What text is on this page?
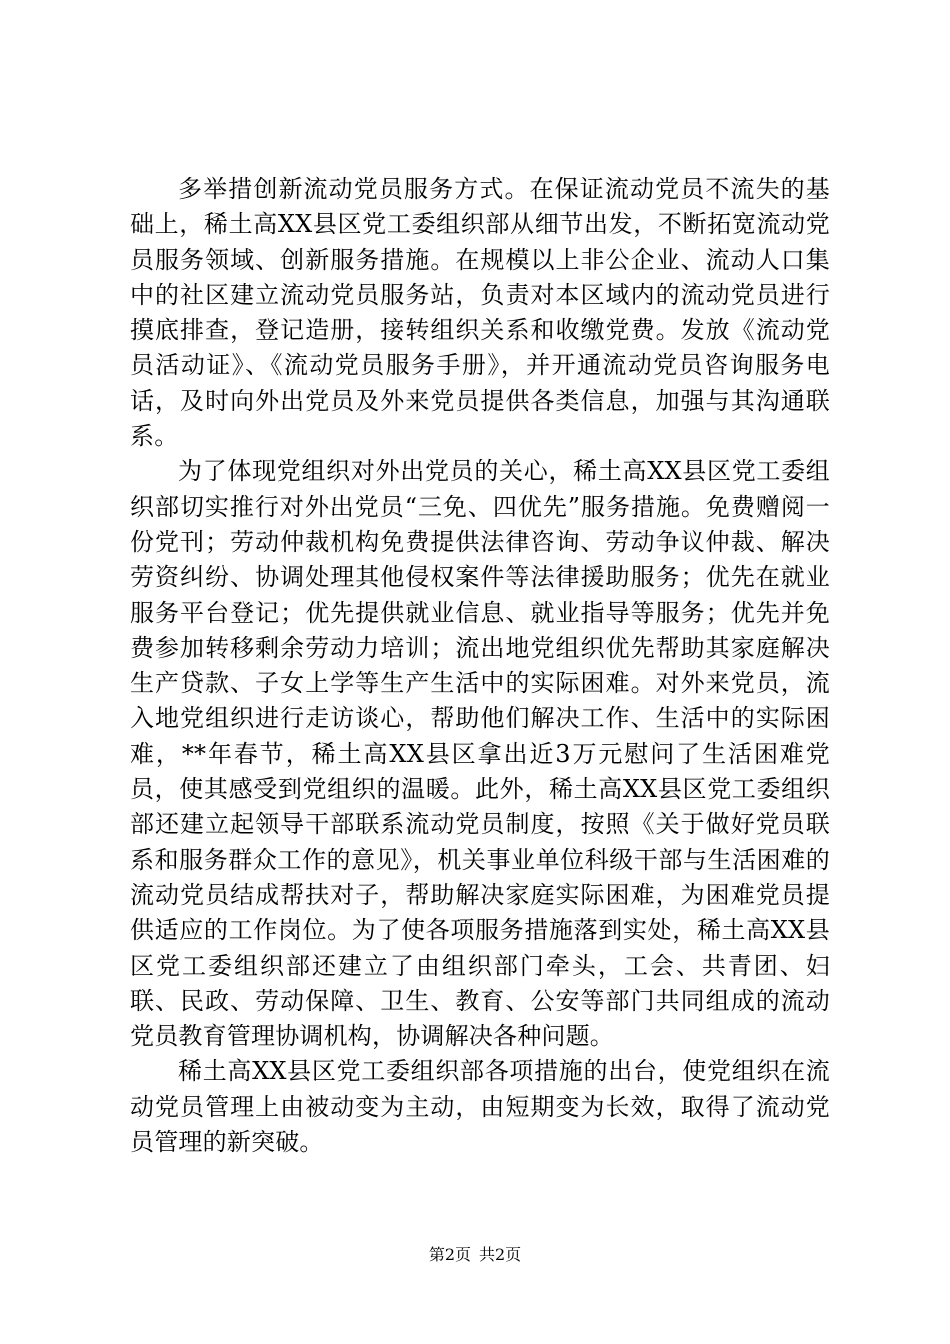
多举措创新流动党员服务方式。在保证流动党员不流失的基础上，稀土高XX县区党工委组织部从细节出发，不断拓宽流动党员服务领域、创新服务措施。在规模以上非公企业、流动人口集中的社区建立流动党员服务站，负责对本区域内的流动党员进行摸底排查，登记造册，接转组织关系和收缴党费。发放《流动党员活动证》、《流动党员服务手册》，并开通流动党员咨询服务电话，及时向外出党员及外来党员提供各类信息，加强与其沟通联系。

为了体现党组织对外出党员的关心，稀土高XX县区党工委组织部切实推行对外出党员“三免、四优先”服务措施。免费赠阅一份党刊；劳动仲裁机构免费提供法律咨询、劳动争议仲裁、解决劳资纠纷、协调处理其他侵权案件等法律援助服务；优先在就业服务平台登记；优先提供就业信息、就业指导等服务；优先并免费参加转移剩余劳动力培训；流出地党组织优先帮助其家庭解决生产贷款、子女上学等生产生活中的实际困难。对外来党员，流入地党组织进行走访谈心，帮助他们解决工作、生活中的实际困难，**年春节，稀土高XX县区拿出近3万元慰问了生活困难党员，使其感受到党组织的温暖。此外，稀土高XX县区党工委组织部还建立起领导干部联系流动党员制度，按照《关于做好党员联系和服务群众工作的意见》，机关事业单位科级干部与生活困难的流动党员结成帮扶对子，帮助解决家庭实际困难，为困难党员提供适应的工作岗位。为了使各项服务措施落到实处，稀土高XX县区党工委组织部还建立了由组织部门牵头，工会、共青团、妇联、民政、劳动保障、卫生、教育、公安等部门共同组成的流动党员教育管理协调机构，协调解决各种问题。

稀土高XX县区党工委组织部各项措施的出台，使党组织在流动党员管理上由被动变为主动，由短期变为长效，取得了流动党员管理的新突破。

第2页 共2页
